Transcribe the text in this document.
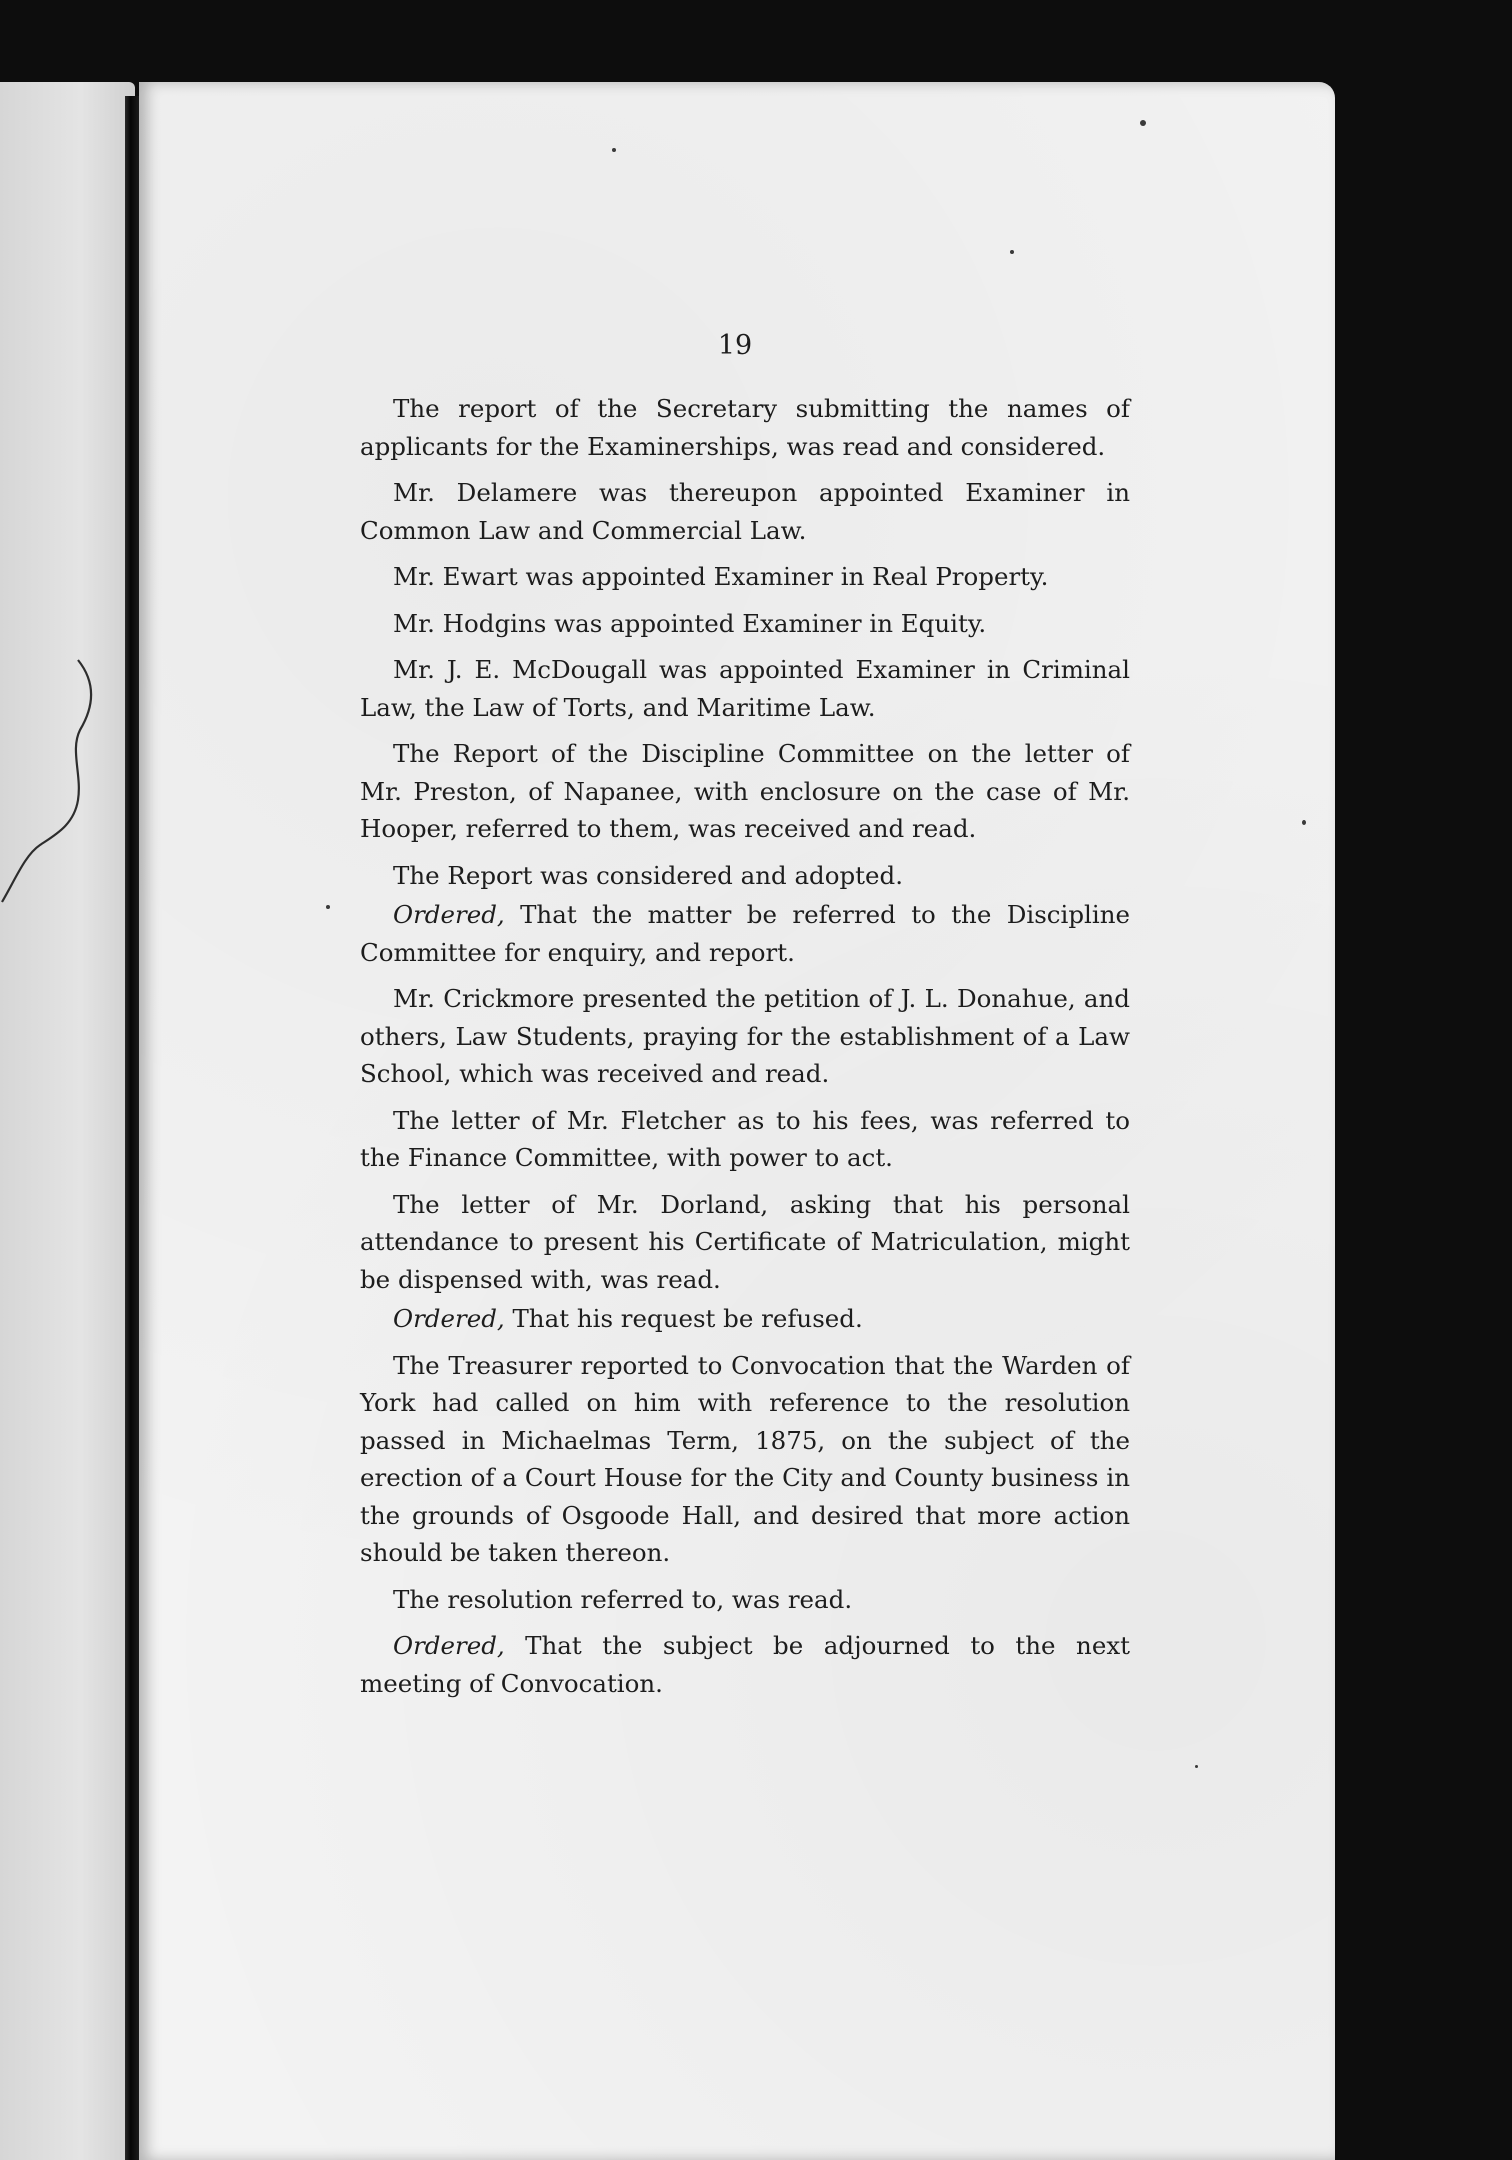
19

The report of the Secretary submitting the names of applicants for the Examinerships, was read and considered.

Mr. Delamere was thereupon appointed Examiner in Common Law and Commercial Law.

Mr. Ewart was appointed Examiner in Real Property.

Mr. Hodgins was appointed Examiner in Equity.

Mr. J. E. McDougall was appointed Examiner in Criminal Law, the Law of Torts, and Maritime Law.

The Report of the Discipline Committee on the letter of Mr. Preston, of Napanee, with enclosure on the case of Mr. Hooper, referred to them, was received and read.

The Report was considered and adopted.

Ordered, That the matter be referred to the Discipline Committee for enquiry, and report.

Mr. Crickmore presented the petition of J. L. Donahue, and others, Law Students, praying for the establishment of a Law School, which was received and read.

The letter of Mr. Fletcher as to his fees, was referred to the Finance Committee, with power to act.

The letter of Mr. Dorland, asking that his personal attendance to present his Certificate of Matriculation, might be dispensed with, was read.

Ordered, That his request be refused.

The Treasurer reported to Convocation that the Warden of York had called on him with reference to the resolution passed in Michaelmas Term, 1875, on the subject of the erection of a Court House for the City and County business in the grounds of Osgoode Hall, and desired that more action should be taken thereon.

The resolution referred to, was read.

Ordered, That the subject be adjourned to the next meeting of Convocation.
